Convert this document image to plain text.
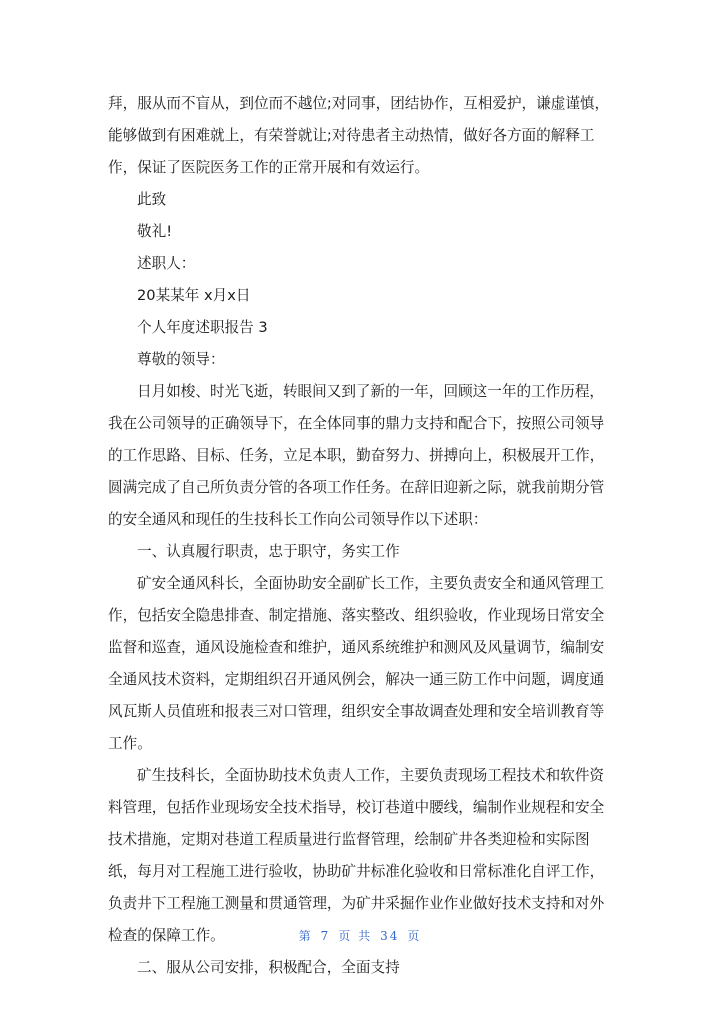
拜，服从而不盲从，到位而不越位;对同事，团结协作，互相爱护，谦虚谨慎，
能够做到有困难就上，有荣誉就让;对待患者主动热情，做好各方面的解释工
作，保证了医院医务工作的正常开展和有效运行。
此致
敬礼!
述职人：
20某某年 x月x日
个人年度述职报告 3
尊敬的领导：
日月如梭、时光飞逝，转眼间又到了新的一年，回顾这一年的工作历程，
我在公司领导的正确领导下，在全体同事的鼎力支持和配合下，按照公司领导
的工作思路、目标、任务，立足本职，勤奋努力、拼搏向上，积极展开工作，
圆满完成了自己所负责分管的各项工作任务。在辞旧迎新之际，就我前期分管
的安全通风和现任的生技科长工作向公司领导作以下述职：
一、认真履行职责，忠于职守，务实工作
矿安全通风科长，全面协助安全副矿长工作，主要负责安全和通风管理工
作，包括安全隐患排查、制定措施、落实整改、组织验收，作业现场日常安全
监督和巡查，通风设施检查和维护，通风系统维护和测风及风量调节，编制安
全通风技术资料，定期组织召开通风例会，解决一通三防工作中问题，调度通
风瓦斯人员值班和报表三对口管理，组织安全事故调查处理和安全培训教育等
工作。
矿生技科长，全面协助技术负责人工作，主要负责现场工程技术和软件资
料管理，包括作业现场安全技术指导，校订巷道中腰线，编制作业规程和安全
技术措施，定期对巷道工程质量进行监督管理，绘制矿井各类迎检和实际图
纸，每月对工程施工进行验收，协助矿井标准化验收和日常标准化自评工作，
负责井下工程施工测量和贯通管理，为矿井采掘作业作业做好技术支持和对外
检查的保障工作。
二、服从公司安排，积极配合，全面支持
第 7 页 共 34 页
